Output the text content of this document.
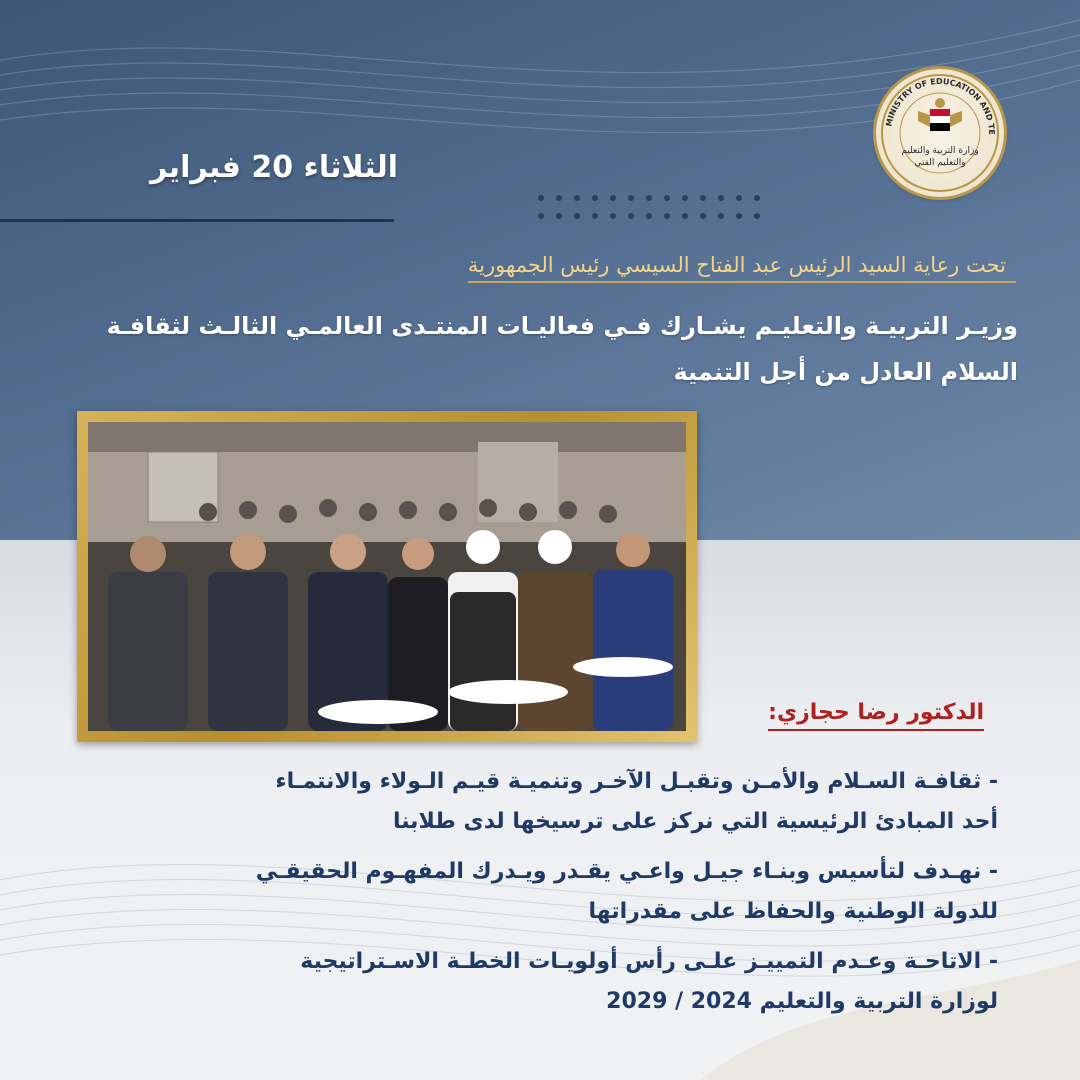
الثلاثاء 20 فبراير
MINISTRY OF EDUCATION AND TE
وزارة التربية والتعليم
والتعليم الفني
تحت رعاية السيد الرئيس عبد الفتاح السيسي رئيس الجمهورية
وزيـر التربيـة والتعليـم يشـارك فـي فعاليـات المنتـدى العالمـي الثالـث لثقافـة
السلام العادل من أجل التنمية
الدكتور رضا حجازي:
- ثقافـة السـلام والأمـن وتقبـل الآخـر وتنميـة قيـم الـولاء والانتمـاء
أحد المبادئ الرئيسية التي نركز على ترسيخها لدى طلابنا
- نهـدف لتأسيس وبنـاء جيـل واعـي يقـدر ويـدرك المفهـوم الحقيقـي
للدولة الوطنية والحفاظ على مقدراتها
- الاتاحـة وعـدم التمييـز علـى رأس أولويـات الخطـة الاسـتراتيجية
لوزارة التربية والتعليم 2024 / 2029
